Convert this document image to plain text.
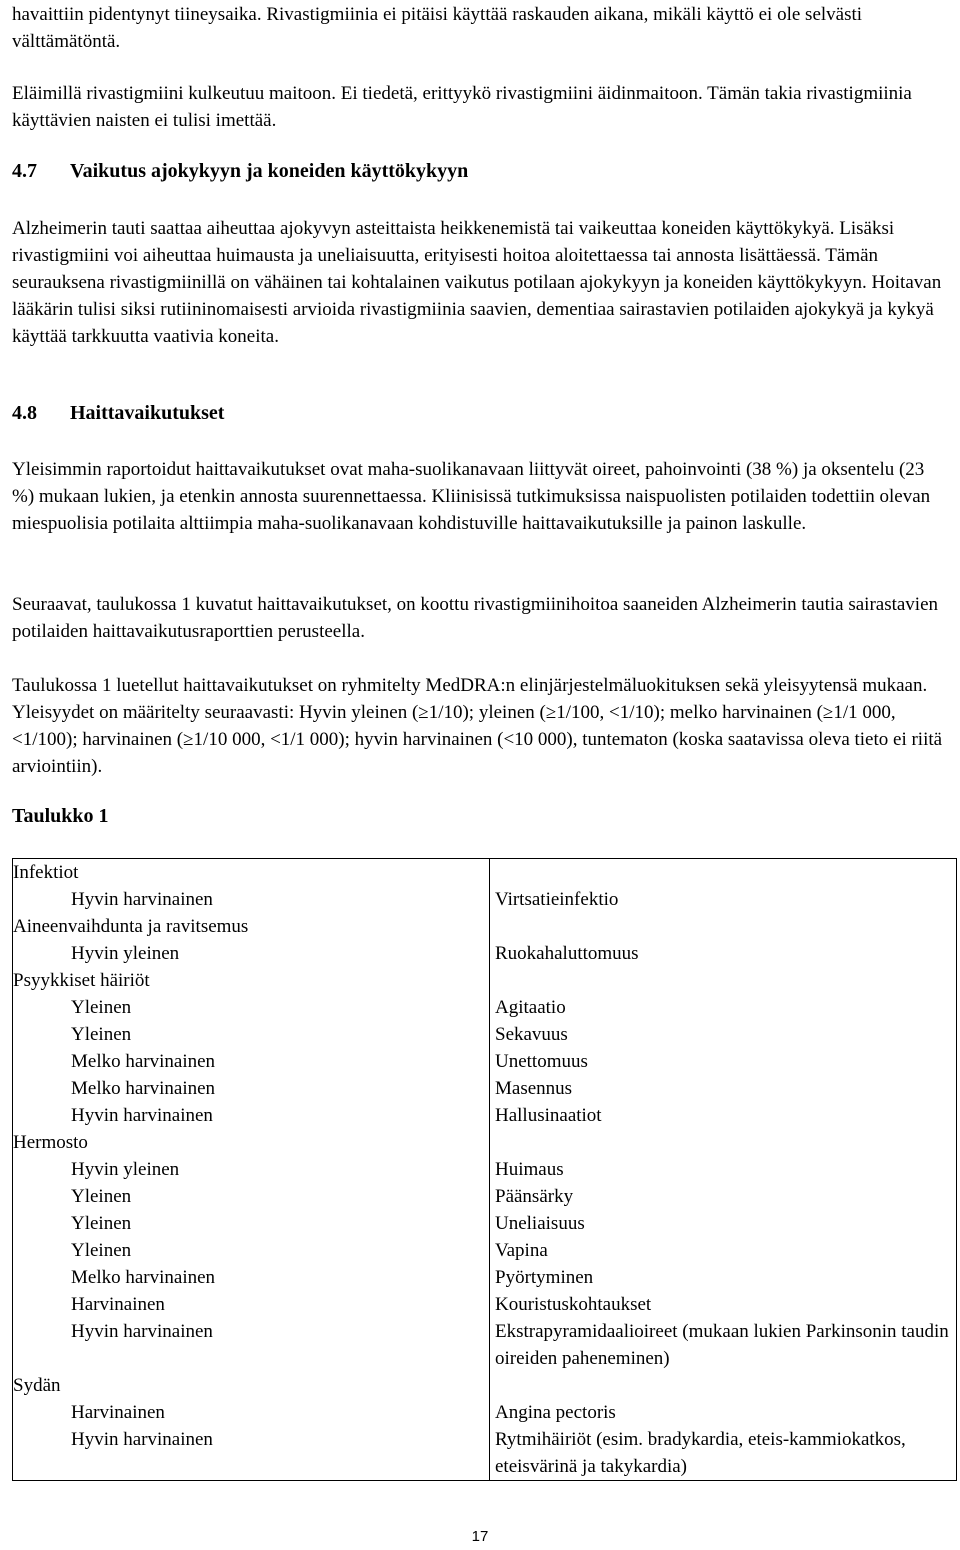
havaittiin pidentynyt tiineysaika. Rivastigmiinia ei pitäisi käyttää raskauden aikana, mikäli käyttö ei ole selvästi välttämätöntä.

Eläimillä rivastigmiini kulkeutuu maitoon. Ei tiedetä, erittyykö rivastigmiini äidinmaitoon. Tämän takia rivastigmiinia käyttävien naisten ei tulisi imettää.

4.7 Vaikutus ajokykyyn ja koneiden käyttökykyyn

Alzheimerin tauti saattaa aiheuttaa ajokyvyn asteittaista heikkenemistä tai vaikeuttaa koneiden käyttökykyä. Lisäksi rivastigmiini voi aiheuttaa huimausta ja uneliaisuutta, erityisesti hoitoa aloitettaessa tai annosta lisättäessä. Tämän seurauksena rivastigmiinillä on vähäinen tai kohtalainen vaikutus potilaan ajokykyyn ja koneiden käyttökykyyn. Hoitavan lääkärin tulisi siksi rutiininomaisesti arvioida rivastigmiinia saavien, dementiaa sairastavien potilaiden ajokykyä ja kykyä käyttää tarkkuutta vaativia koneita.

4.8 Haittavaikutukset

Yleisimmin raportoidut haittavaikutukset ovat maha-suolikanavaan liittyvät oireet, pahoinvointi (38 %) ja oksentelu (23 %) mukaan lukien, ja etenkin annosta suurennettaessa. Kliinisissä tutkimuksissa naispuolisten potilaiden todettiin olevan miespuolisia potilaita alttiimpia maha-suolikanavaan kohdistuville haittavaikutuksille ja painon laskulle.

Seuraavat, taulukossa 1 kuvatut haittavaikutukset, on koottu rivastigmiinihoitoa saaneiden Alzheimerin tautia sairastavien potilaiden haittavaikutusraporttien perusteella.

Taulukossa 1 luetellut haittavaikutukset on ryhmitelty MedDRA:n elinjärjestelmäluokituksen sekä yleisyytensä mukaan. Yleisyydet on määritelty seuraavasti: Hyvin yleinen (≥1/10); yleinen (≥1/100, <1/10); melko harvinainen (≥1/1 000, <1/100); harvinainen (≥1/10 000, <1/1 000); hyvin harvinainen (<10 000), tuntematon (koska saatavissa oleva tieto ei riitä arviointiin).

Taulukko 1
Infektiot	

Hyvin harvinainen	Virtsatieinfektio

Aineenvaihdunta ja ravitsemus	

Hyvin yleinen	Ruokahaluttomuus

Psyykkiset häiriöt	

Yleinen	Agitaatio

Yleinen	Sekavuus

Melko harvinainen	Unettomuus

Melko harvinainen	Masennus

Hyvin harvinainen	Hallusinaatiot

Hermosto	

Hyvin yleinen	Huimaus

Yleinen	Päänsärky

Yleinen	Uneliaisuus

Yleinen	Vapina

Melko harvinainen	Pyörtyminen

Harvinainen	Kouristuskohtaukset

Hyvin harvinainen	Ekstrapyramidaalioireet (mukaan lukien Parkinsonin taudin oireiden paheneminen)

Sydän	

Harvinainen	Angina pectoris

Hyvin harvinainen	Rytmihäiriöt (esim. bradykardia, eteis-kammiokatkos, eteisvärinä ja takykardia)
17
